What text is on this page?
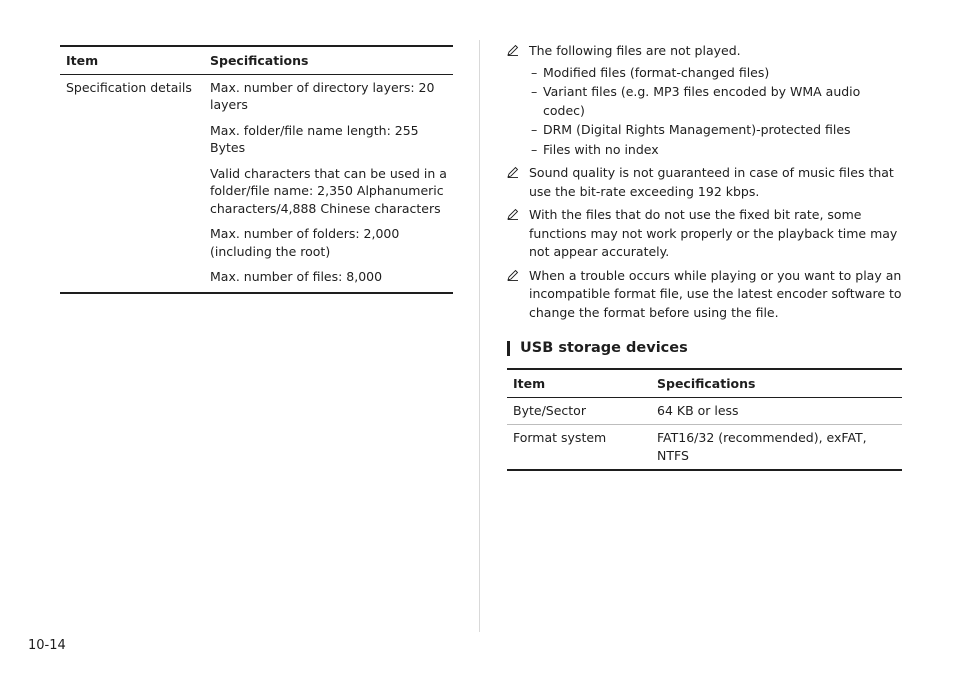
Item	Specifications
Specification details	Max. number of directory layers: 20 layers
Max. folder/file name length: 255 Bytes
Valid characters that can be used in a folder/file name: 2,350 Alphanumeric characters/4,888 Chinese characters
Max. number of folders: 2,000 (including the root)
Max. number of files: 8,000
The following files are not played.
– Modified files (format-changed files)
– Variant files (e.g. MP3 files encoded by WMA audio codec)
– DRM (Digital Rights Management)-protected files
– Files with no index
Sound quality is not guaranteed in case of music files that use the bit-rate exceeding 192 kbps.
With the files that do not use the fixed bit rate, some functions may not work properly or the playback time may not appear accurately.
When a trouble occurs while playing or you want to play an incompatible format file, use the latest encoder software to change the format before using the file.
USB storage devices
Item	Specifications
Byte/Sector	64 KB or less
Format system	FAT16/32 (recommended), exFAT, NTFS
10-14
